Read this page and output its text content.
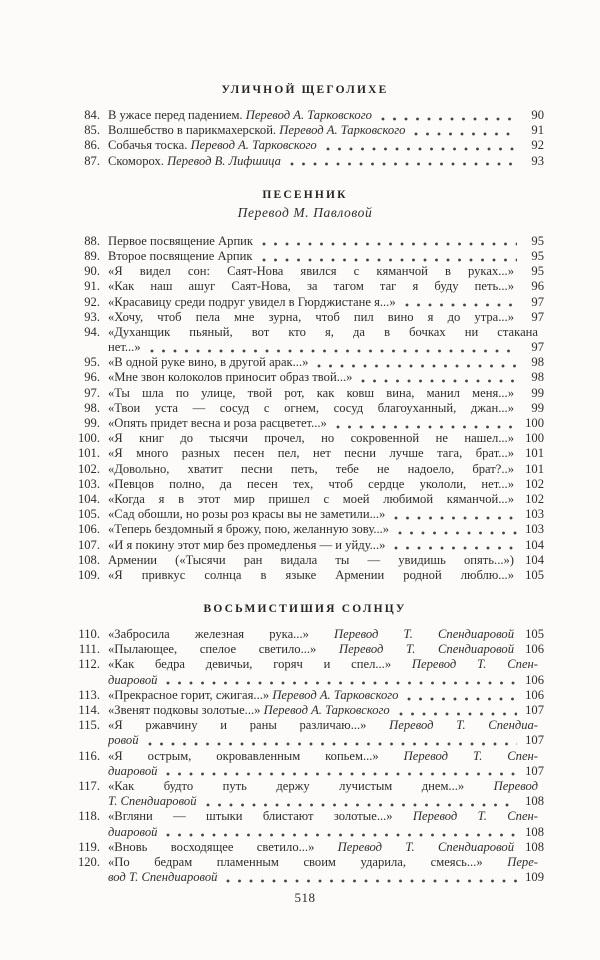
УЛИЧНОЙ ЩЕГОЛИХЕ
84. В ужасе перед падением. Перевод А. Тарковского	90
85. Волшебство в парикмахерской. Перевод А. Тарковского	91
86. Собачья тоска. Перевод А. Тарковского	92
87. Скоморох. Перевод В. Лифшица	93
ПЕСЕННИК
Перевод М. Павловой
88. Первое посвящение Арпик	95
89. Второе посвящение Арпик	95
90. «Я видел сон: Саят-Нова явился с кяманчой в руках...»	95
91. «Как наш ашуг Саят-Нова, за тагом таг я буду петь...»	96
92. «Красавицу среди подруг увидел в Гюрджистане я...»	97
93. «Хочу, чтоб пела мне зурна, чтоб пил вино я до утра...»	97
94. «Духанщик пьяный, вот кто я, да в бочках ни стакана
нет...»	97
95. «В одной руке вино, в другой арак...»	98
96. «Мне звон колоколов приносит образ твой...»	98
97. «Ты шла по улице, твой рот, как ковш вина, манил меня...»	99
98. «Твои уста — сосуд с огнем, сосуд благоуханный, джан...»	99
99. «Опять придет весна и роза расцветет...»	100
100. «Я книг до тысячи прочел, но сокровенной не нашел...» 100
101. «Я много разных песен пел, нет песни лучше тага, брат...» 101
102. «Довольно, хватит песни петь, тебе не надоело, брат?..» 101
103. «Певцов полно, да песен тех, чтоб сердце укололи, нет...» 102
104. «Когда я в этот мир пришел с моей любимой кяманчой...» 102
105. «Сад обошли, но розы роз красы вы не заметили...»	103
106. «Теперь бездомный я брожу, пою, желанную зову...»	103
107. «И я покину этот мир без промедленья — и уйду...»	104
108. Армении («Тысячи ран видала ты — увидишь опять...») 104
109. «Я привкус солнца в языке Армении родной люблю...» 105
ВОСЬМИСТИШИЯ СОЛНЦУ
110. «Забросила железная рука...» Перевод Т. Спендиаровой 105
111. «Пылающее, спелое светило...» Перевод Т. Спендиаровой 106
112. «Как бедра девичьи, горяч и спел...» Перевод Т. Спен-
диаровой	106
113. «Прекрасное горит, сжигая...» Перевод А. Тарковского	106
114. «Звенят подковы золотые...» Перевод А. Тарковского	107
115. «Я ржавчину и раны различаю...» Перевод Т. Спендиа-
ровой	107
116. «Я острым, окровавленным копьем...» Перевод Т. Спен-
диаровой	107
117. «Как будто путь держу лучистым днем...» Перевод
Т. Спендиаровой	108
118. «Вгляни — штыки блистают золотые...» Перевод Т. Спен-
диаровой	108
119. «Вновь восходящее светило...» Перевод Т. Спендиаровой 108
120. «По бедрам пламенным своим ударила, смеясь...» Пере-
вод Т. Спендиаровой	109
518
